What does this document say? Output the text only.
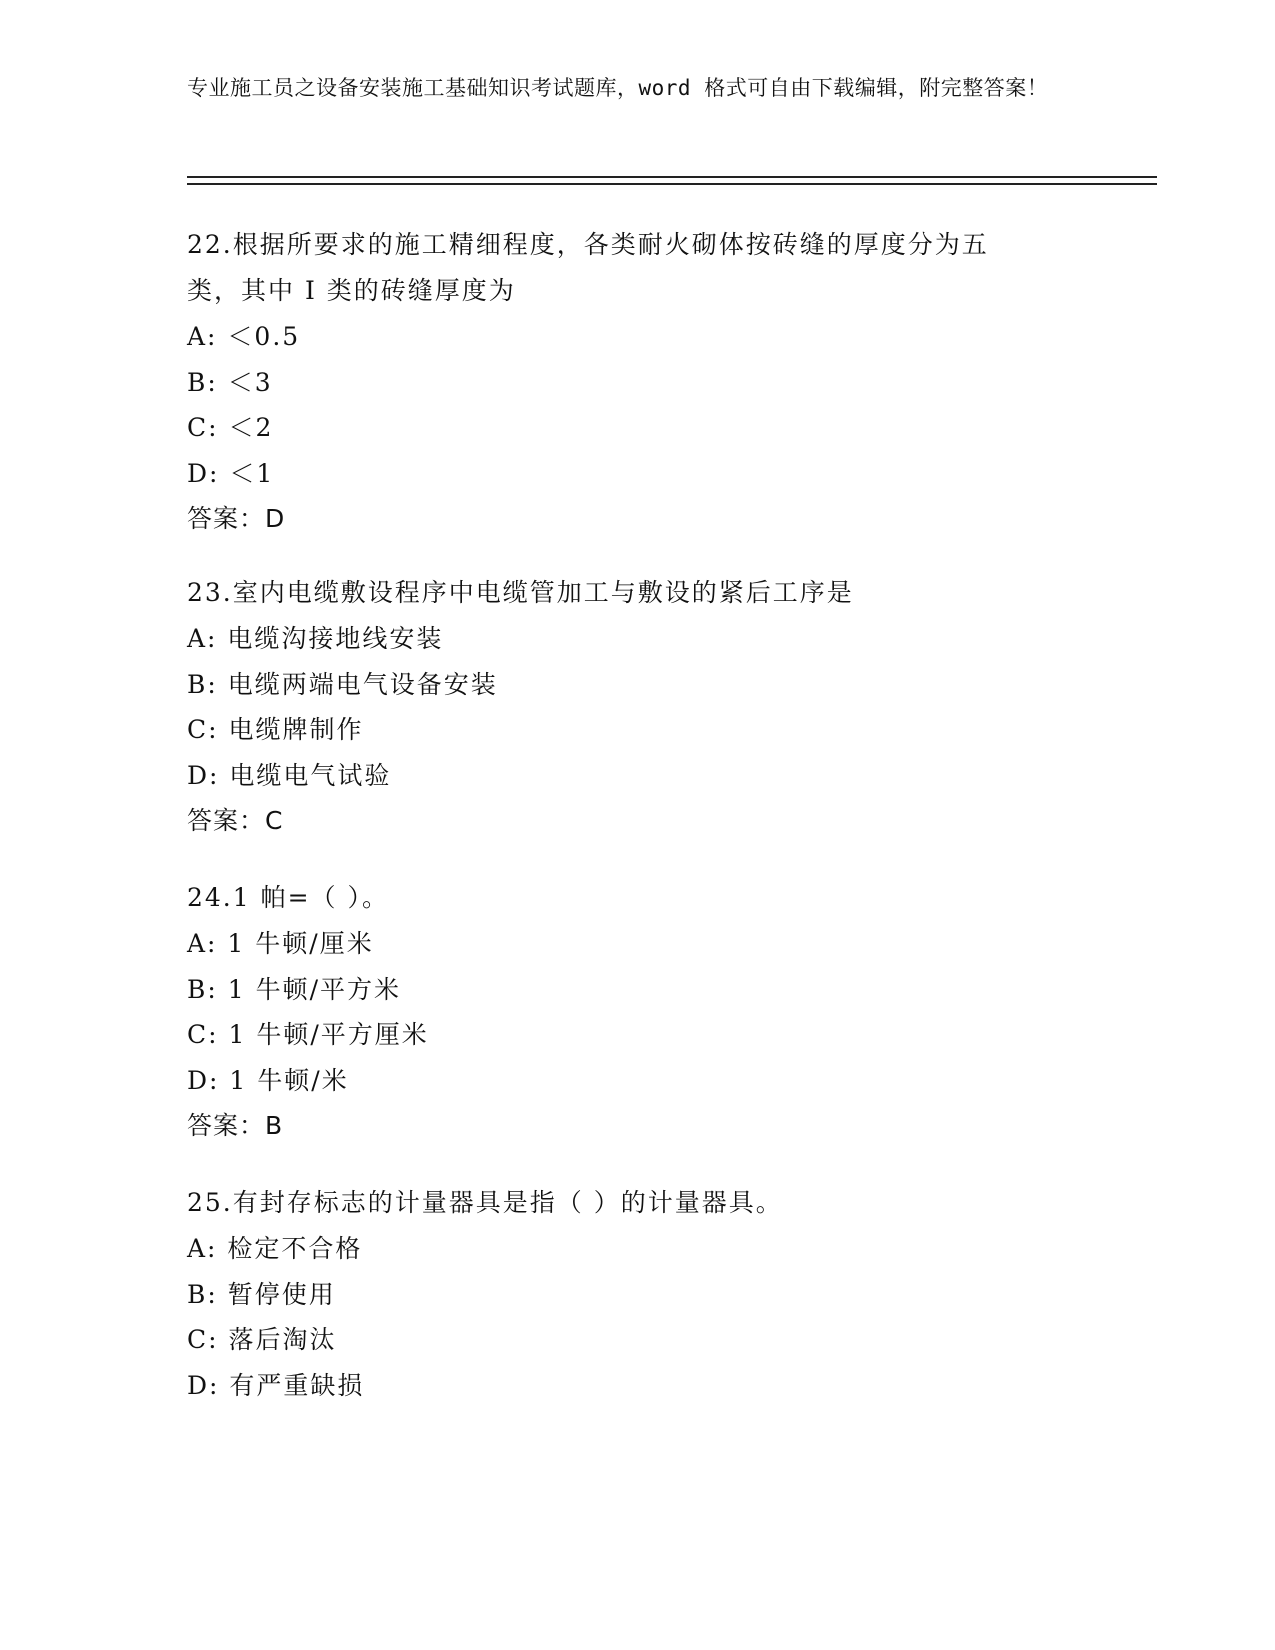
专业施工员之设备安装施工基础知识考试题库，word 格式可自由下载编辑，附完整答案！

22.根据所要求的施工精细程度，各类耐火砌体按砖缝的厚度分为五类，其中 I 类的砖缝厚度为

A: ＜0.5

B: ＜3

C: ＜2

D: ＜1

答案：D

23.室内电缆敷设程序中电缆管加工与敷设的紧后工序是

A: 电缆沟接地线安装

B: 电缆两端电气设备安装

C: 电缆牌制作

D: 电缆电气试验

答案：C

24.1 帕=（ ）。

A: 1 牛顿/厘米

B: 1 牛顿/平方米

C: 1 牛顿/平方厘米

D: 1 牛顿/米

答案：B

25.有封存标志的计量器具是指（ ）的计量器具。

A: 检定不合格

B: 暂停使用

C: 落后淘汰

D: 有严重缺损
